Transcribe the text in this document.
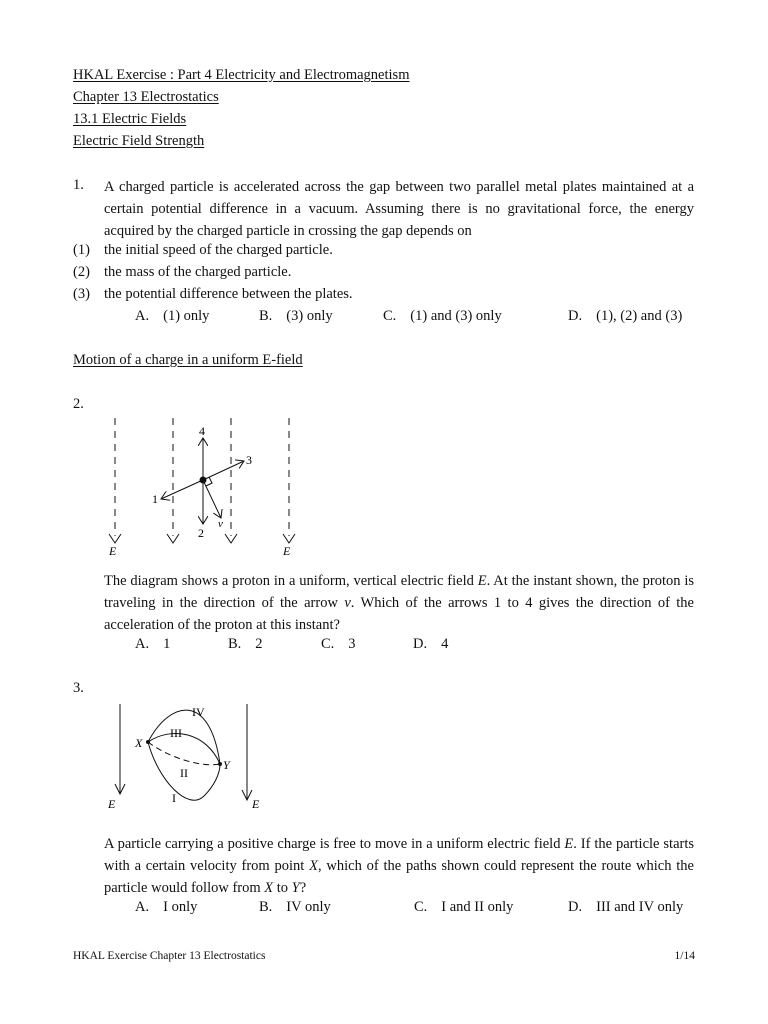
HKAL Exercise : Part 4 Electricity and Electromagnetism
Chapter 13 Electrostatics
13.1 Electric Fields
Electric Field Strength
1. A charged particle is accelerated across the gap between two parallel metal plates maintained at a certain potential difference in a vacuum. Assuming there is no gravitational force, the energy acquired by the charged particle in crossing the gap depends on
(1) the initial speed of the charged particle.
(2) the mass of the charged particle.
(3) the potential difference between the plates.
A. (1) only	B. (3) only	C. (1) and (3) only	D. (1), (2) and (3)
Motion of a charge in a uniform E-field
2.
4
3
1
2
v
E	E
The diagram shows a proton in a uniform, vertical electric field E. At the instant shown, the proton is traveling in the direction of the arrow v. Which of the arrows 1 to 4 gives the direction of the acceleration of the proton at this instant?
A. 1	B. 2	C. 3	D. 4
3.
IV
III
II
I
X
Y
E	E
A particle carrying a positive charge is free to move in a uniform electric field E. If the particle starts with a certain velocity from point X, which of the paths shown could represent the route which the particle would follow from X to Y?
A. I only	B. IV only	C. I and II only	D. III and IV only
HKAL Exercise Chapter 13 Electrostatics	1/14
